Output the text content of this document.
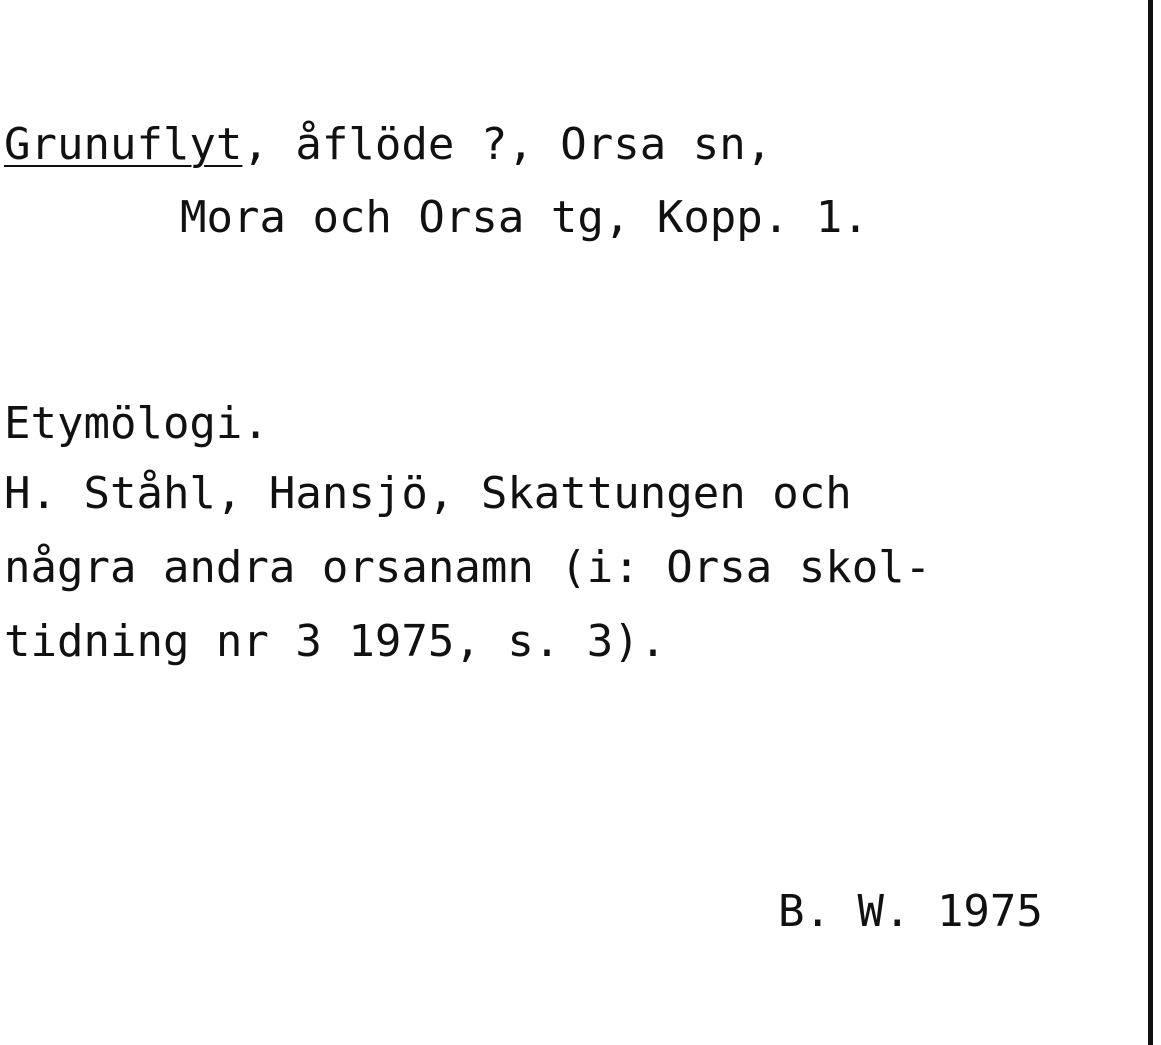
Grunuflyt, åflöde ?, Orsa sn,
Mora och Orsa tg, Kopp. 1.
Etymölogi.
H. Ståhl, Hansjö, Skattungen och
några andra orsanamn (i: Orsa skol-
tidning nr 3 1975, s. 3).
B. W. 1975
